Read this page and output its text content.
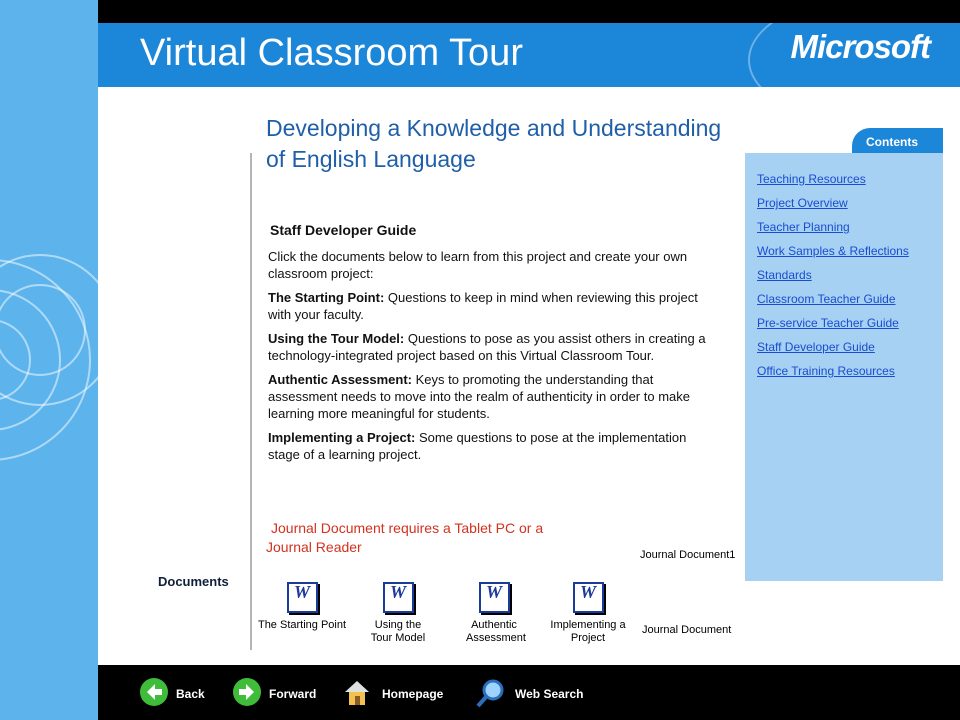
Virtual Classroom Tour	Microsoft
Developing a Knowledge and Understanding of English Language
Staff Developer Guide

Click the documents below to learn from this project and create your own classroom project:

The Starting Point: Questions to keep in mind when reviewing this project with your faculty.

Using the Tour Model: Questions to pose as you assist others in creating a technology-integrated project based on this Virtual Classroom Tour.

Authentic Assessment: Keys to promoting the understanding that assessment needs to move into the realm of authenticity in order to make learning more meaningful for students.

Implementing a Project: Some questions to pose at the implementation stage of a learning project.

Journal Document requires a Tablet PC or a
Journal Reader	Journal Document1
Documents
W
The Starting Point
W
Using the Tour Model
W
Authentic Assessment
W
Implementing a Project
Journal Document
Contents
Teaching Resources
Project Overview
Teacher Planning
Work Samples & Reflections
Standards
Classroom Teacher Guide
Pre-service Teacher Guide
Staff Developer Guide
Office Training Resources
Back	Forward	Homepage	Web Search
